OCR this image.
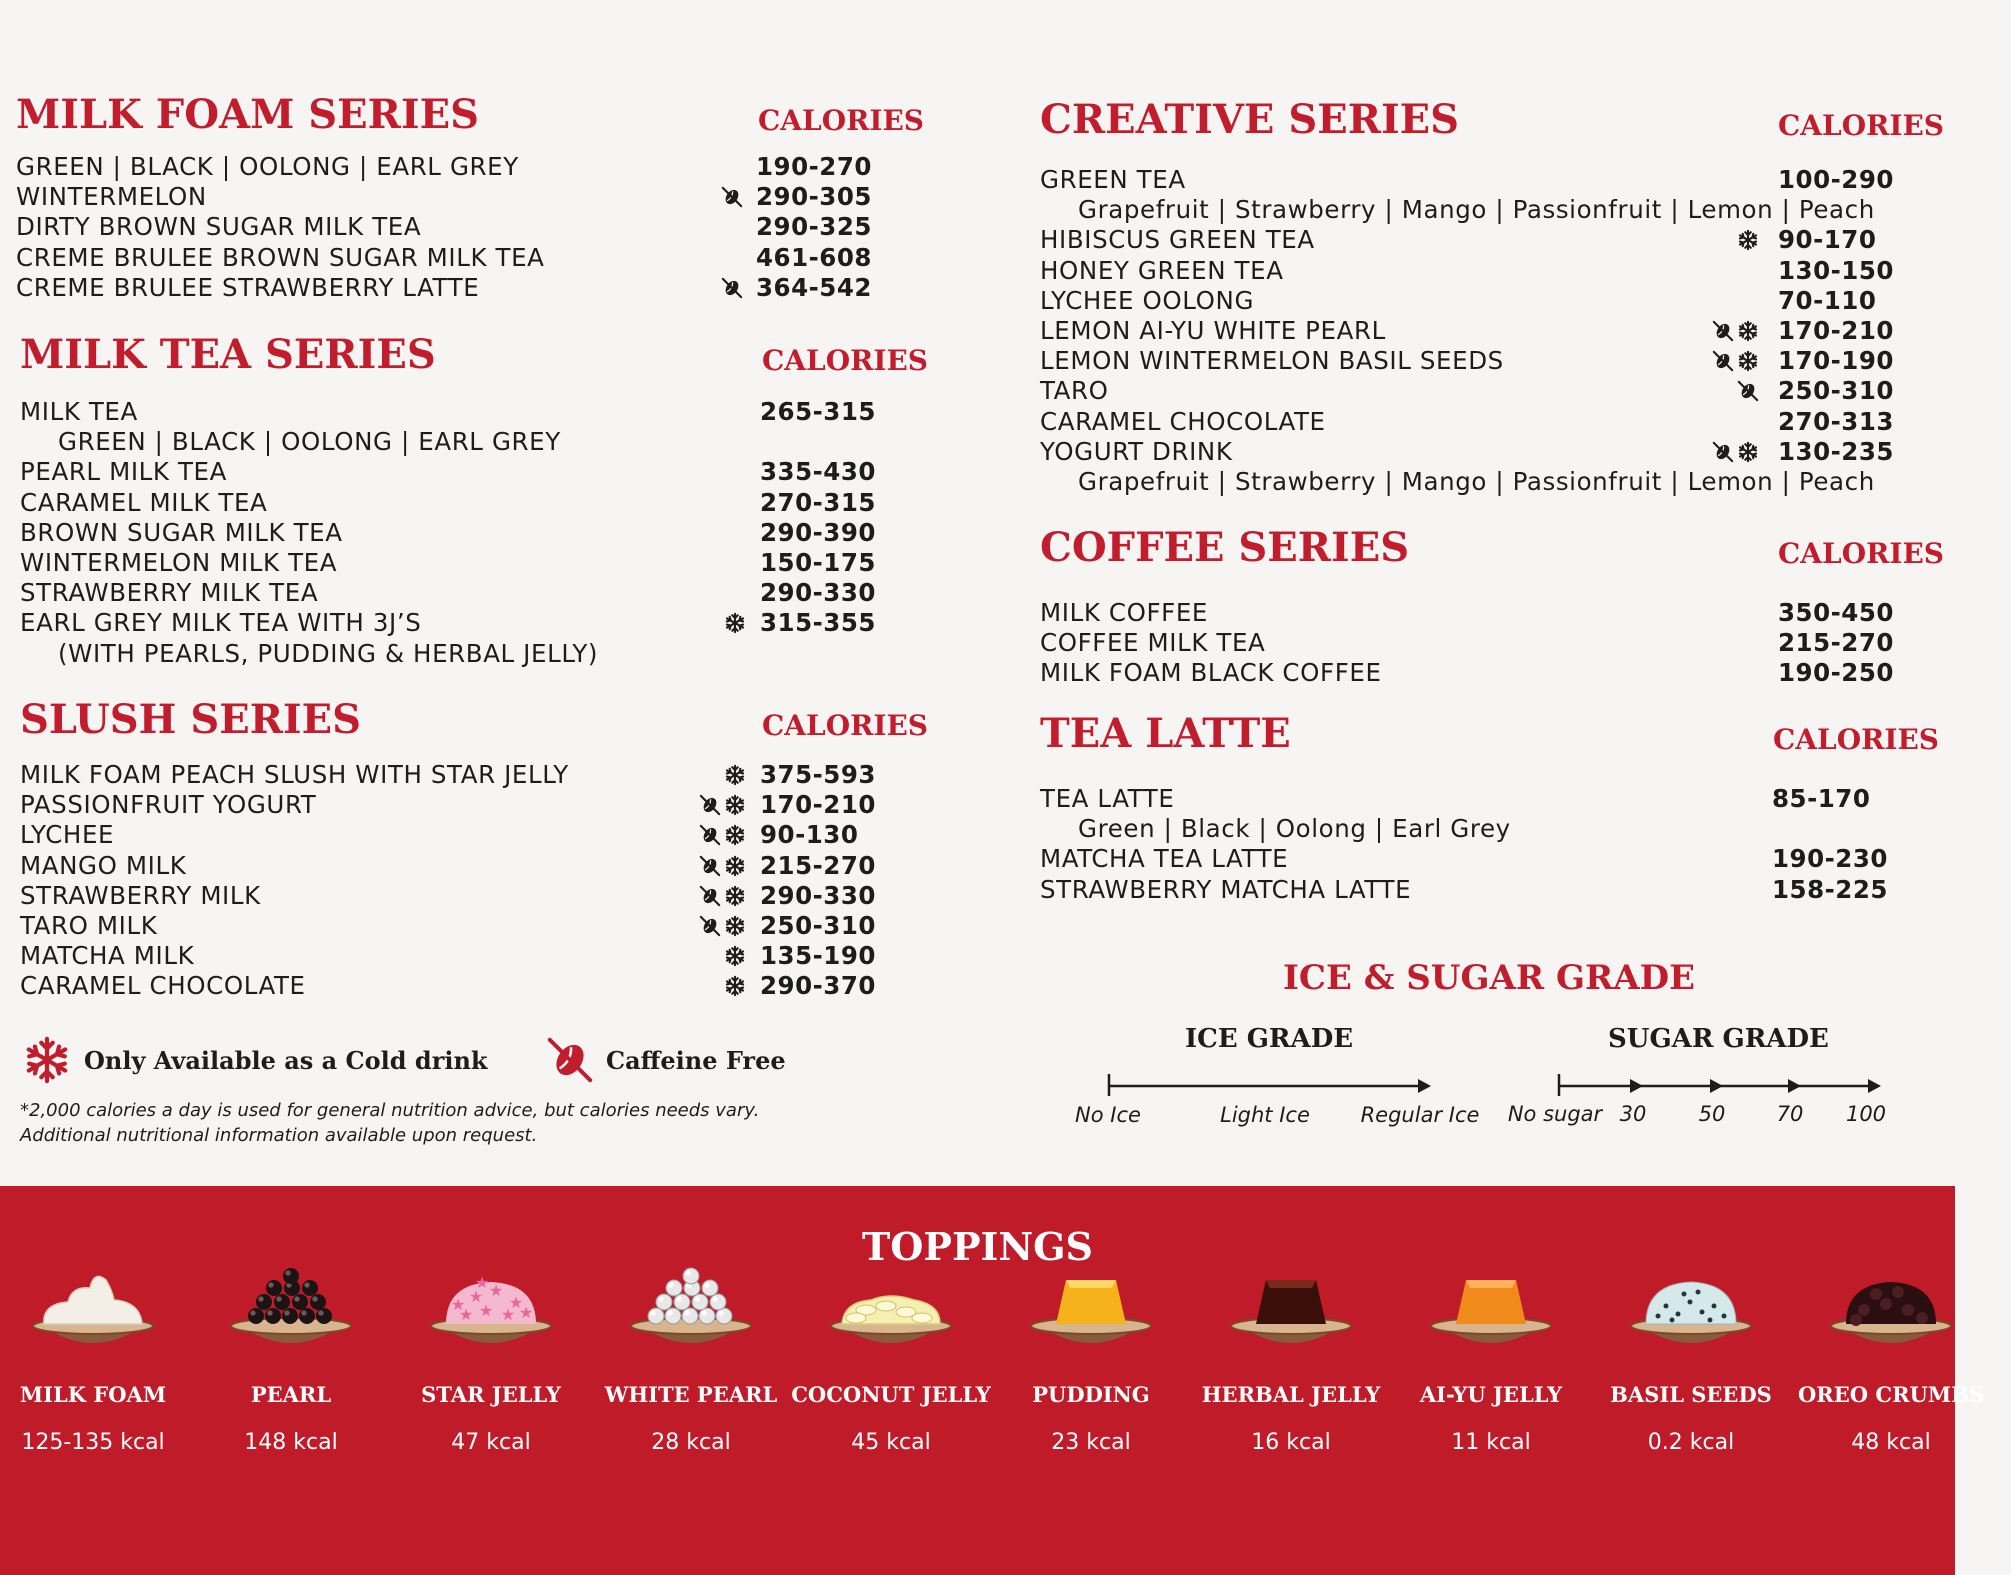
MILK FOAM SERIES	CALORIES
GREEN | BLACK | OOLONG | EARL GREY	190-270
WINTERMELON	290-305
DIRTY BROWN SUGAR MILK TEA	290-325
CREME BRULEE BROWN SUGAR MILK TEA	461-608
CREME BRULEE STRAWBERRY LATTE	364-542
MILK TEA SERIES	CALORIES
MILK TEA	265-315
GREEN | BLACK | OOLONG | EARL GREY
PEARL MILK TEA	335-430
CARAMEL MILK TEA	270-315
BROWN SUGAR MILK TEA	290-390
WINTERMELON MILK TEA	150-175
STRAWBERRY MILK TEA	290-330
EARL GREY MILK TEA WITH 3J’S	315-355
(WITH PEARLS, PUDDING & HERBAL JELLY)
SLUSH SERIES	CALORIES
MILK FOAM PEACH SLUSH WITH STAR JELLY	375-593
PASSIONFRUIT YOGURT	170-210
LYCHEE	90-130
MANGO MILK	215-270
STRAWBERRY MILK	290-330
TARO MILK	250-310
MATCHA MILK	135-190
CARAMEL CHOCOLATE	290-370
CREATIVE SERIES	CALORIES
GREEN TEA	100-290
Grapefruit | Strawberry | Mango | Passionfruit | Lemon | Peach
HIBISCUS GREEN TEA	90-170
HONEY GREEN TEA	130-150
LYCHEE OOLONG	70-110
LEMON AI-YU WHITE PEARL	170-210
LEMON WINTERMELON BASIL SEEDS	170-190
TARO	250-310
CARAMEL CHOCOLATE	270-313
YOGURT DRINK	130-235
Grapefruit | Strawberry | Mango | Passionfruit | Lemon | Peach
COFFEE SERIES	CALORIES
MILK COFFEE	350-450
COFFEE MILK TEA	215-270
MILK FOAM BLACK COFFEE	190-250
TEA LATTE	CALORIES
TEA LATTE	85-170
Green | Black | Oolong | Earl Grey
MATCHA TEA LATTE	190-230
STRAWBERRY MATCHA LATTE	158-225
Only Available as a Cold drink	Caffeine Free
*2,000 calories a day is used for general nutrition advice, but calories needs vary.
Additional nutritional information available upon request.
ICE & SUGAR GRADE
ICE GRADE	SUGAR GRADE
No Ice	Light Ice Regular Ice No sugar 30 50 70 100
TOPPINGS
MILK FOAM
125-135 kcal
PEARL
148 kcal
★ ★ ★
★
★
★ ★ ★
★
STAR JELLY
47 kcal
WHITE PEARL
28 kcal
COCONUT JELLY
45 kcal
PUDDING
23 kcal
HERBAL JELLY
16 kcal
AI-YU JELLY
11 kcal
BASIL SEEDS
0.2 kcal
OREO CRUMBS
48 kcal
